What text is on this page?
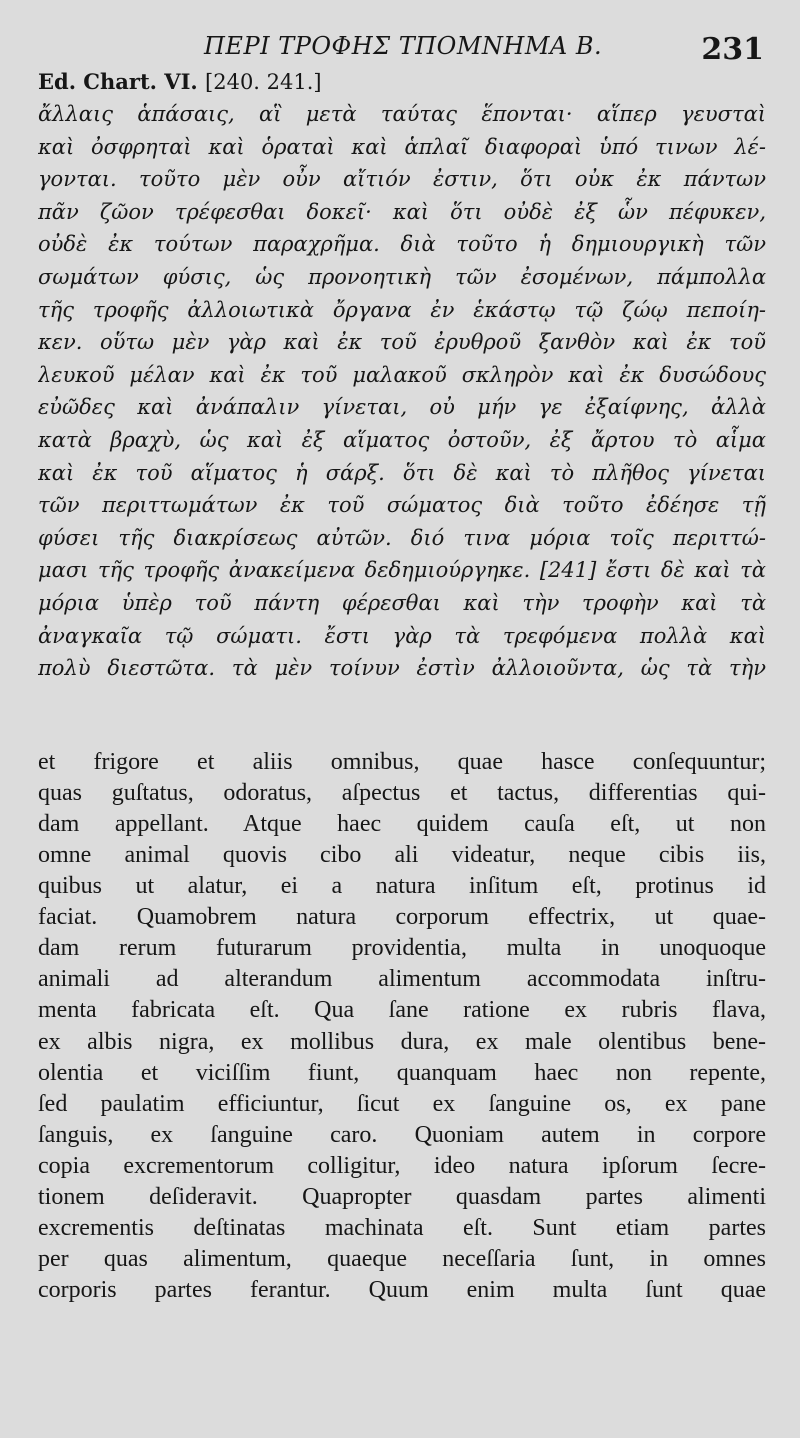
ΠΕΡΙ ΤΡΟΦΗΣ ΤΠΟΜΝΗΜΑ Β.	231
Ed. Chart. VI. [240. 241.]
ἄλλαις ἁπάσαις, αἳ μετὰ ταύτας ἕπονται· αἵπερ γευσταὶ
καὶ ὀσφρηταὶ καὶ ὁραταὶ καὶ ἁπλαῖ διαφοραὶ ὑπό τινων λέ-
γονται. τοῦτο μὲν οὖν αἴτιόν ἐστιν, ὅτι οὐκ ἐκ πάντων
πᾶν ζῶον τρέφεσθαι δοκεῖ· καὶ ὅτι οὐδὲ ἐξ ὧν πέφυκεν,
οὐδὲ ἐκ τούτων παραχρῆμα. διὰ τοῦτο ἡ δημιουργικὴ τῶν
σωμάτων φύσις, ὡς προνοητικὴ τῶν ἐσομένων, πάμπολλα
τῆς τροφῆς ἀλλοιωτικὰ ὄργανα ἐν ἑκάστῳ τῷ ζώῳ πεποίη-
κεν. οὕτω μὲν γὰρ καὶ ἐκ τοῦ ἐρυθροῦ ξανθὸν καὶ ἐκ τοῦ
λευκοῦ μέλαν καὶ ἐκ τοῦ μαλακοῦ σκληρὸν καὶ ἐκ δυσώδους
εὐῶδες καὶ ἀνάπαλιν γίνεται, οὐ μήν γε ἐξαίφνης, ἀλλὰ
κατὰ βραχὺ, ὡς καὶ ἐξ αἵματος ὀστοῦν, ἐξ ἄρτου τὸ αἷμα
καὶ ἐκ τοῦ αἵματος ἡ σάρξ. ὅτι δὲ καὶ τὸ πλῆθος γίνεται
τῶν περιττωμάτων ἐκ τοῦ σώματος διὰ τοῦτο ἐδέησε τῇ
φύσει τῆς διακρίσεως αὐτῶν. διό τινα μόρια τοῖς περιττώ-
μασι τῆς τροφῆς ἀνακείμενα δεδημιούργηκε. [241] ἔστι δὲ καὶ τὰ
μόρια ὑπὲρ τοῦ πάντη φέρεσθαι καὶ τὴν τροφὴν καὶ τὰ
ἀναγκαῖα τῷ σώματι. ἔστι γὰρ τὰ τρεφόμενα πολλὰ καὶ
πολὺ διεστῶτα. τὰ μὲν τοίνυν ἐστὶν ἀλλοιοῦντα, ὡς τὰ τὴν
et frigore et aliis omnibus, quae hasce conſequuntur;
quas guſtatus, odoratus, aſpectus et tactus, differentias qui-
dam appellant. Atque haec quidem cauſa eſt, ut non
omne animal quovis cibo ali videatur, neque cibis iis,
quibus ut alatur, ei a natura inſitum eſt, protinus id
faciat. Quamobrem natura corporum effectrix, ut quae-
dam rerum futurarum providentia, multa in unoquoque
animali ad alterandum alimentum accommodata inſtru-
menta fabricata eſt. Qua ſane ratione ex rubris flava,
ex albis nigra, ex mollibus dura, ex male olentibus bene-
olentia et viciſſim fiunt, quanquam haec non repente,
ſed paulatim efficiuntur, ſicut ex ſanguine os, ex pane
ſanguis, ex ſanguine caro. Quoniam autem in corpore
copia excrementorum colligitur, ideo natura ipſorum ſecre-
tionem deſideravit. Quapropter quasdam partes alimenti
excrementis deſtinatas machinata eſt. Sunt etiam partes
per quas alimentum, quaeque neceſſaria ſunt, in omnes
corporis partes ferantur. Quum enim multa ſunt quae
